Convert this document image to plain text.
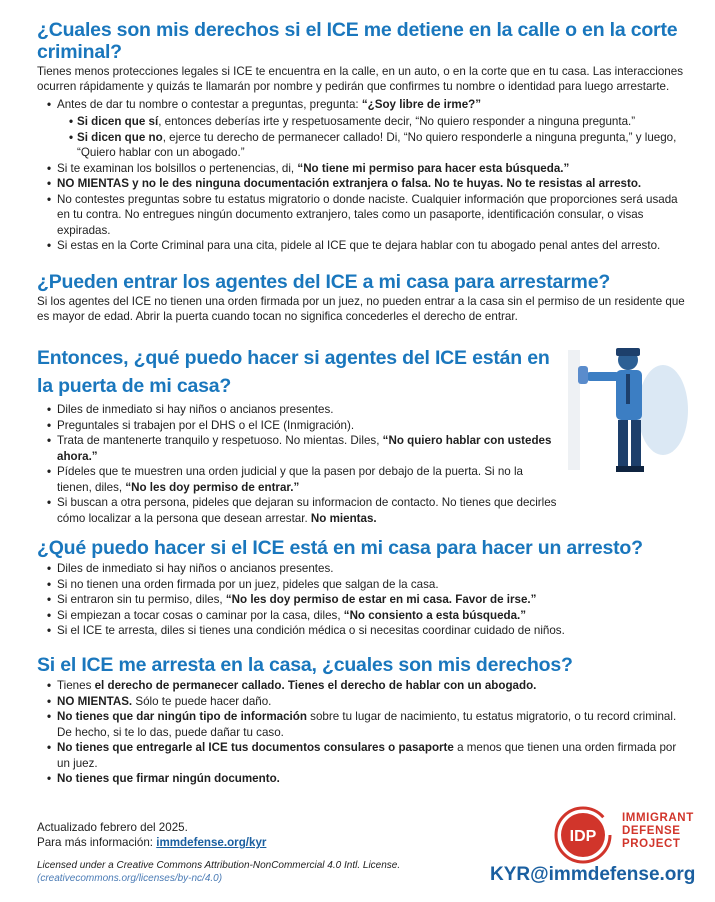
¿Cuales son mis derechos si el ICE me detiene en la calle o en la corte criminal?

Tienes menos protecciones legales si ICE te encuentra en la calle, en un auto, o en la corte que en tu casa. Las interacciones ocurren rápidamente y quizás te llamarán por nombre y pedirán que confirmes tu nombre o identidad para luego arrestarte.

• Antes de dar tu nombre o contestar a preguntas, pregunta: “¿Soy libre de irme?”
• Si dicen que sí, entonces deberías irte y respetuosamente decir, “No quiero responder a ninguna pregunta.”
• Si dicen que no, ejerce tu derecho de permanecer callado! Di, “No quiero responderle a ninguna pregunta,” y luego, “Quiero hablar con un abogado.”
• Si te examinan los bolsillos o pertenencias, di, “No tiene mi permiso para hacer esta búsqueda.”
• NO MIENTAS y no le des ninguna documentación extranjera o falsa. No te huyas. No te resistas al arresto.
• No contestes preguntas sobre tu estatus migratorio o donde naciste. Cualquier información que proporciones será usada en tu contra. No entregues ningún documento extranjero, tales como un pasaporte, identificación consular, o visas expiradas.
• Si estas en la Corte Criminal para una cita, pidele al ICE que te dejara hablar con tu abogado penal antes del arresto.
¿Pueden entrar los agentes del ICE a mi casa para arrestarme?

Si los agentes del ICE no tienen una orden firmada por un juez, no pueden entrar a la casa sin el permiso de un residente que es mayor de edad. Abrir la puerta cuando tocan no significa concederles el derecho de entrar.

Entonces, ¿qué puedo hacer si agentes del ICE están en la puerta de mi casa?
• Diles de inmediato si hay niños o ancianos presentes.
• Preguntales si trabajen por el DHS o el ICE (Inmigración).
• Trata de mantenerte tranquilo y respetuoso. No mientas. Diles, “No quiero hablar con ustedes ahora.”
• Pídeles que te muestren una orden judicial y que la pasen por debajo de la puerta. Si no la tienen, diles, “No les doy permiso de entrar.”
• Si buscan a otra persona, pideles que dejaran su informacion de contacto. No tienes que decirles cómo localizar a la persona que desean arrestar. No mientas.
¿Qué puedo hacer si el ICE está en mi casa para hacer un arresto?
• Diles de inmediato si hay niños o ancianos presentes.
• Si no tienen una orden firmada por un juez, pideles que salgan de la casa.
• Si entraron sin tu permiso, diles, “No les doy permiso de estar en mi casa. Favor de irse.”
• Si empiezan a tocar cosas o caminar por la casa, diles, “No consiento a esta búsqueda.”
• Si el ICE te arresta, diles si tienes una condición médica o si necesitas coordinar cuidado de niños.
Si el ICE me arresta en la casa, ¿cuales son mis derechos?
• Tienes el derecho de permanecer callado. Tienes el derecho de hablar con un abogado.
• NO MIENTAS. Sólo te puede hacer daño.
• No tienes que dar ningún tipo de información sobre tu lugar de nacimiento, tu estatus migratorio, o tu record criminal. De hecho, si te lo das, puede dañar tu caso.
• No tienes que entregarle al ICE tus documentos consulares o pasaporte a menos que tienen una orden firmada por un juez.
• No tienes que firmar ningún documento.
Actualizado febrero del 2025.
Para más información: immdefense.org/kyr
Licensed under a Creative Commons Attribution-NonCommercial 4.0 Intl. License.
(creativecommons.org/licenses/by-nc/4.0)
IDP
IMMIGRANT
DEFENSE
PROJECT
KYR@immdefense.org
